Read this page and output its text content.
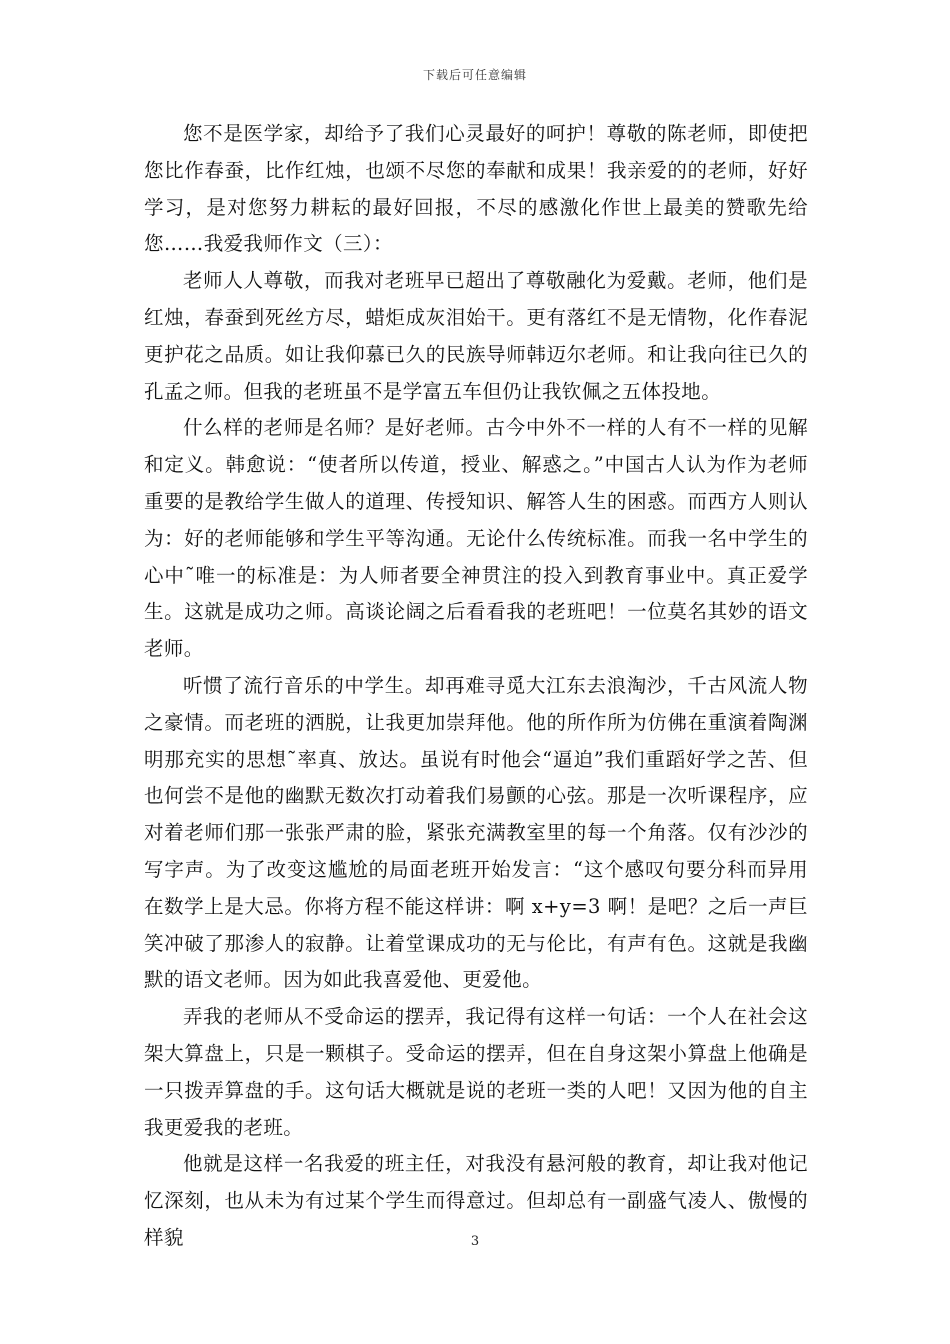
下载后可任意编辑

您不是医学家，却给予了我们心灵最好的呵护！尊敬的陈老师，即使把您比作春蚕，比作红烛，也颂不尽您的奉献和成果！我亲爱的的老师，好好学习，是对您努力耕耘的最好回报，不尽的感激化作世上最美的赞歌先给您……我爱我师作文（三）：

老师人人尊敬，而我对老班早已超出了尊敬融化为爱戴。老师，他们是红烛，春蚕到死丝方尽，蜡炬成灰泪始干。更有落红不是无情物，化作春泥更护花之品质。如让我仰慕已久的民族导师韩迈尔老师。和让我向往已久的孔孟之师。但我的老班虽不是学富五车但仍让我钦佩之五体投地。

什么样的老师是名师？是好老师。古今中外不一样的人有不一样的见解和定义。韩愈说：“使者所以传道，授业、解惑之。”中国古人认为作为老师重要的是教给学生做人的道理、传授知识、解答人生的困惑。而西方人则认为：好的老师能够和学生平等沟通。无论什么传统标准。而我一名中学生的心中˜唯一的标准是：为人师者要全神贯注的投入到教育事业中。真正爱学生。这就是成功之师。高谈论阔之后看看我的老班吧！一位莫名其妙的语文老师。

听惯了流行音乐的中学生。却再难寻觅大江东去浪淘沙，千古风流人物之豪情。而老班的洒脱，让我更加崇拜他。他的所作所为仿佛在重演着陶渊明那充实的思想˜率真、放达。虽说有时他会“逼迫”我们重蹈好学之苦、但也何尝不是他的幽默无数次打动着我们易颤的心弦。那是一次听课程序，应对着老师们那一张张严肃的脸，紧张充满教室里的每一个角落。仅有沙沙的写字声。为了改变这尴尬的局面老班开始发言：“这个感叹句要分科而异用在数学上是大忌。你将方程不能这样讲：啊 x+y=3 啊！是吧？之后一声巨笑冲破了那渗人的寂静。让着堂课成功的无与伦比，有声有色。这就是我幽默的语文老师。因为如此我喜爱他、更爱他。

弄我的老师从不受命运的摆弄，我记得有这样一句话：一个人在社会这架大算盘上，只是一颗棋子。受命运的摆弄，但在自身这架小算盘上他确是一只拨弄算盘的手。这句话大概就是说的老班一类的人吧！又因为他的自主我更爱我的老班。

他就是这样一名我爱的班主任，对我没有悬河般的教育，却让我对他记忆深刻，也从未为有过某个学生而得意过。但却总有一副盛气凌人、傲慢的样貌	3
